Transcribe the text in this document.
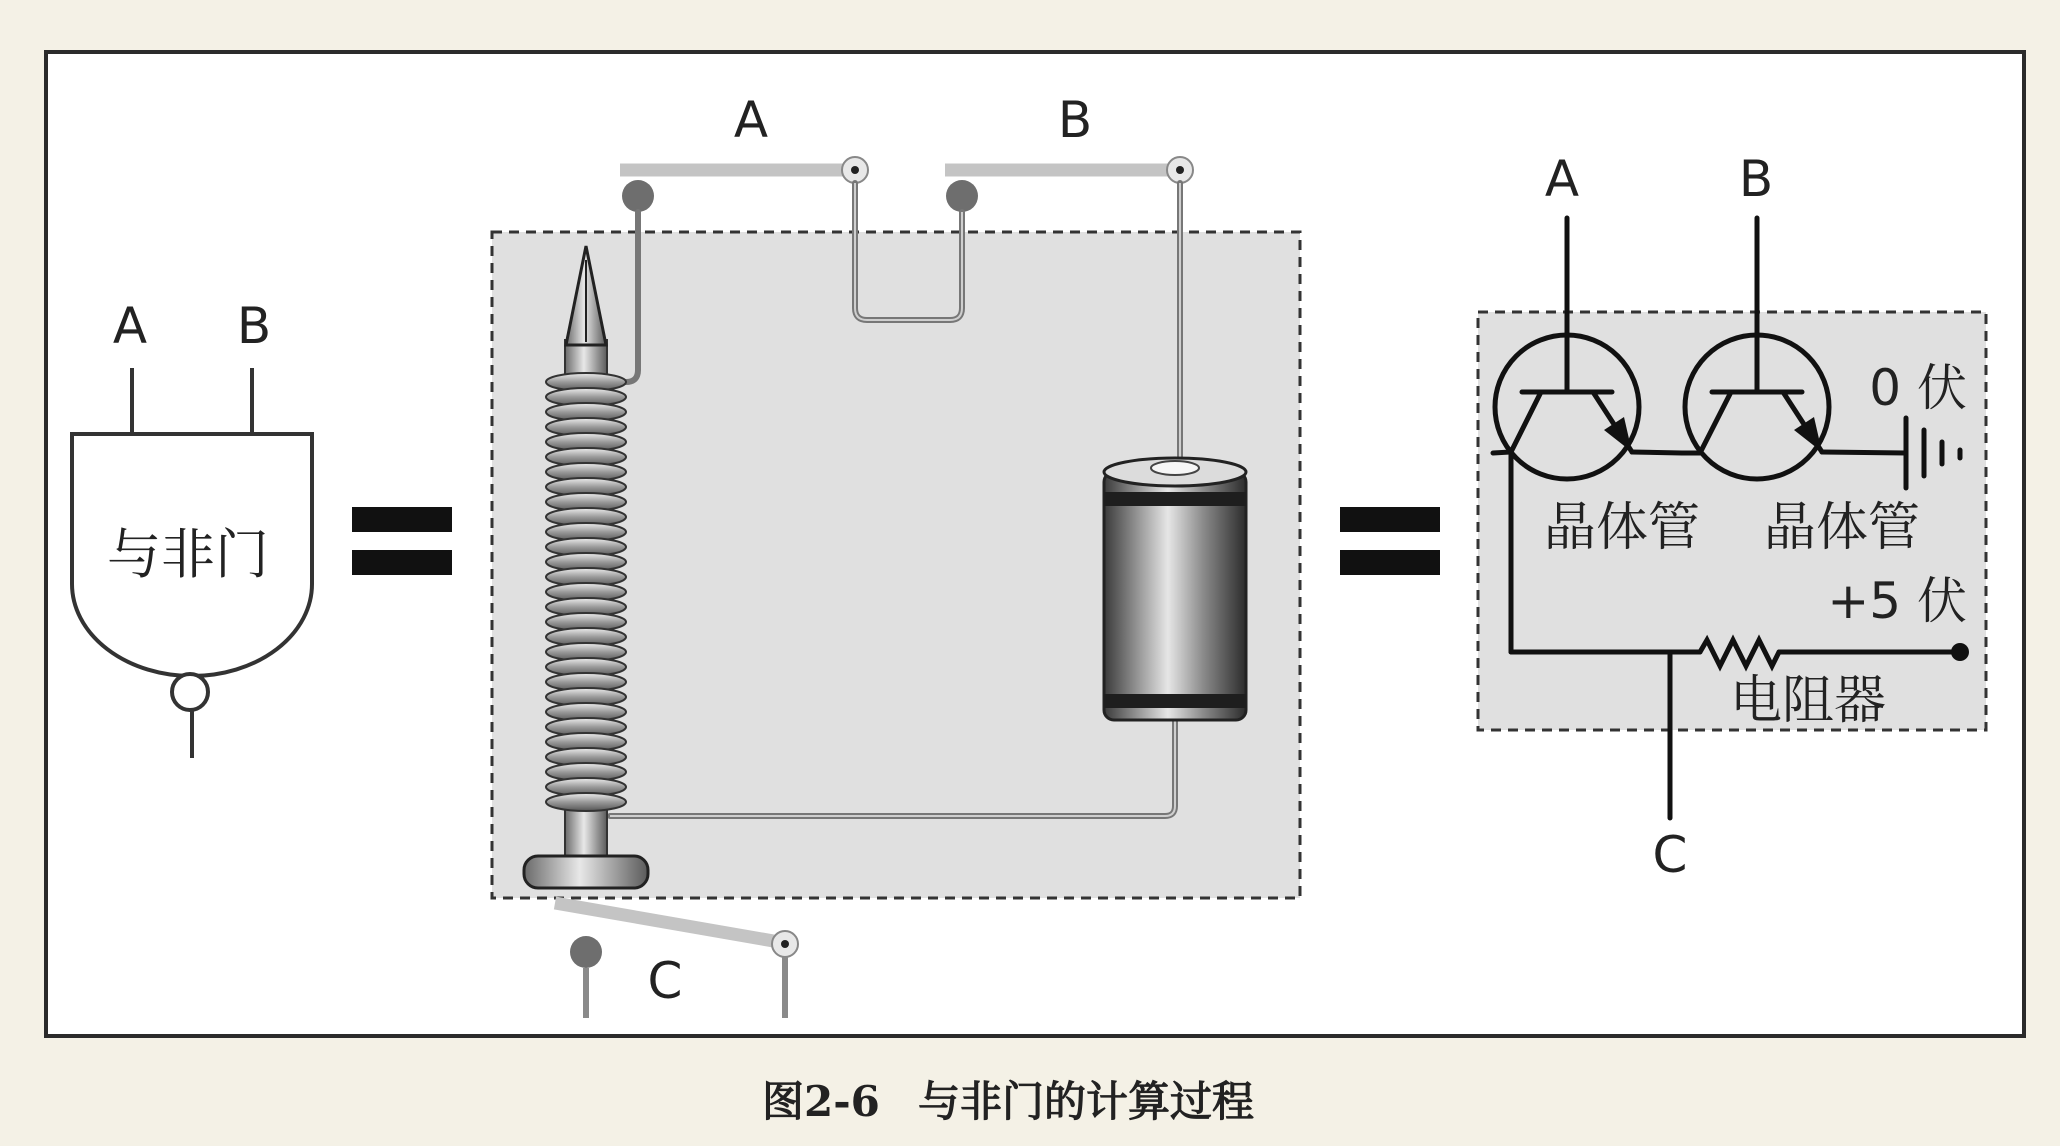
A B
与非门
A	B
C
A	B
0 伏
晶体管 晶体管
+5 伏
电阻器
C
图2-6 与非门的计算过程
